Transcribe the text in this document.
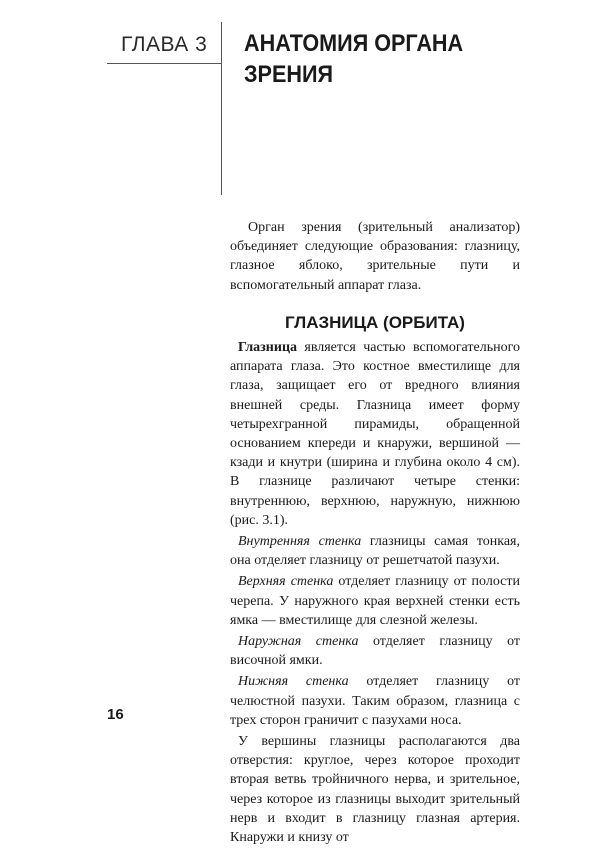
ГЛАВА 3 АНАТОМИЯ ОРГАНА
ЗРЕНИЯ

Орган зрения (зрительный анализатор) объединяет следующие образования: глазницу, глазное яблоко, зрительные пути и вспомогательный аппарат глаза.

ГЛАЗНИЦА (ОРБИТА)

Глазница является частью вспомогательного аппарата глаза. Это костное вместилище для глаза, защищает его от вредного влияния внешней среды. Глазница имеет форму четырехгранной пирамиды, обращенной основанием кпереди и кнаружи, вершиной — кзади и кнутри (ширина и глубина около 4 см). В глазнице различают четыре стенки: внутреннюю, верхнюю, наружную, нижнюю (рис. 3.1).

Внутренняя стенка глазницы самая тонкая, она отделяет глазницу от решетчатой пазухи.

Верхняя стенка отделяет глазницу от полости черепа. У наружного края верхней стенки есть ямка — вместилище для слезной железы.

Наружная стенка отделяет глазницу от височной ямки.

Нижняя стенка отделяет глазницу от челюстной пазухи. Таким образом, глазница с трех сторон граничит с пазухами носа.

У вершины глазницы располагаются два отверстия: круглое, через которое проходит вторая ветвь тройничного нерва, и зрительное, через которое из глазницы выходит зрительный нерв и входит в глазницу глазная артерия. Кнаружи и книзу от

16
